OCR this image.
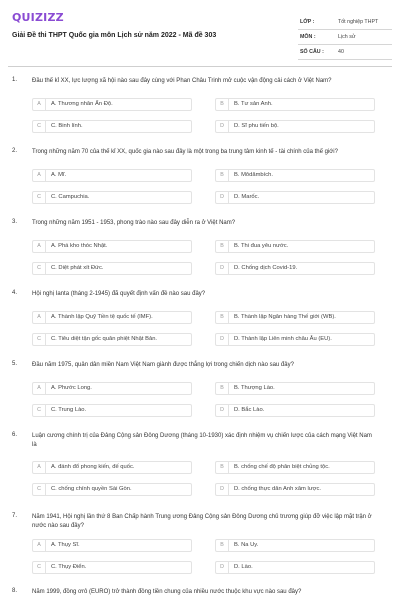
QUIZIZZ
Giải Đề thi THPT Quốc gia môn Lịch sử năm 2022 - Mã đề 303
LỚP :	Tốt nghiệp THPT
MÔN :	Lịch sử
SỐ CÂU :	40
1. Đầu thế kỉ XX, lực lượng xã hội nào sau đây cùng với Phan Châu Trinh mở cuộc vận động cải cách ở Việt Nam?
A	A. Thương nhân Ấn Độ.	B	B. Tư sản Anh.
C	C. Binh lính.	D	D. Sĩ phu tiến bộ.
2. Trong những năm 70 của thế kỉ XX, quốc gia nào sau đây là một trong ba trung tâm kinh tế - tài chính của thế giới?
A	A. Mĩ.	B	B. Môdămbích.
C	C. Campuchia.	D	D. Marốc.
3. Trong những năm 1951 - 1953, phong trào nào sau đây diễn ra ở Việt Nam?
A	A. Phá kho thóc Nhật.	B	B. Thi đua yêu nước.
C	C. Diệt phát xít Đức.	D	D. Chống dịch Covid-19.
4. Hội nghị Ianta (tháng 2-1945) đã quyết định vấn đề nào sau đây?
A	A. Thành lập Quỹ Tiền tệ quốc tế (IMF).	B	B. Thành lập Ngân hàng Thế giới (WB).
C	C. Tiêu diệt tận gốc quân phiệt Nhật Bản.	D	D. Thành lập Liên minh châu Âu (EU).
5. Đầu năm 1975, quân dân miền Nam Việt Nam giành được thắng lợi trong chiến dịch nào sau đây?
A	A. Phước Long.	B	B. Thượng Lào.
C	C. Trung Lào.	D	D. Bắc Lào.
6. Luận cương chính trị của Đảng Cộng sản Đông Dương (tháng 10-1930) xác định nhiệm vụ chiến lược của cách mạng Việt Nam là
A	A. đánh đổ phong kiến, đế quốc.	B	B. chống chế độ phân biệt chủng tộc.
C	C. chống chính quyền Sài Gòn.	D	D. chống thực dân Anh xâm lược.
7. Năm 1941, Hội nghị lần thứ 8 Ban Chấp hành Trung ương Đảng Cộng sản Đông Dương chủ trương giúp đỡ việc lập mặt trận ở nước nào sau đây?
A	A. Thụy Sĩ.	B	B. Na Uy.
C	C. Thụy Điển.	D	D. Lào.
8. Năm 1999, đồng ơrô (EURO) trở thành đồng tiền chung của nhiều nước thuộc khu vực nào sau đây?
